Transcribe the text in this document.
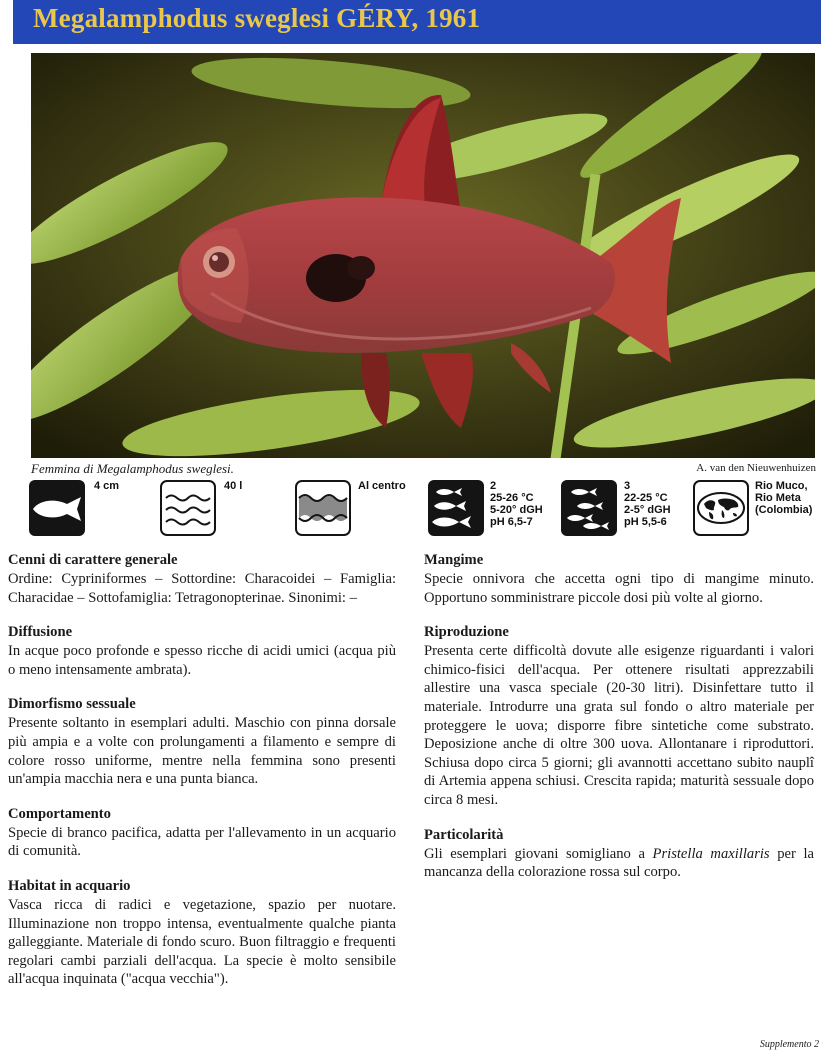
Megalamphodus sweglesi GÉRY, 1961
Femmina di Megalamphodus sweglesi.	A. van den Nieuwenhuizen
4 cm	40 l	Al centro	2
25-26 °C
5-20° dGH
pH 6,5-7
3
22-25 °C
2-5° dGH
pH 5,5-6
Rio Muco,
Rio Meta
(Colombia)
Cenni di carattere generale

Ordine: Cypriniformes – Sottordine: Characoidei – Famiglia: Characidae – Sottofamiglia: Tetragonopterinae. Sinonimi: –

Diffusione

In acque poco profonde e spesso ricche di acidi umici (acqua più o meno intensamente ambrata).

Dimorfismo sessuale

Presente soltanto in esemplari adulti. Maschio con pinna dorsale più ampia e a volte con prolungamenti a filamento e sempre di colore rosso uniforme, mentre nella femmina sono presenti un'ampia macchia nera e una punta bianca.

Comportamento

Specie di branco pacifica, adatta per l'allevamento in un acquario di comunità.

Habitat in acquario

Vasca ricca di radici e vegetazione, spazio per nuotare. Illuminazione non troppo intensa, eventualmente qualche pianta galleggiante. Materiale di fondo scuro. Buon filtraggio e frequenti regolari cambi parziali dell'acqua. La specie è molto sensibile all'acqua inquinata ("acqua vecchia").

Mangime

Specie onnivora che accetta ogni tipo di mangime minuto. Opportuno somministrare piccole dosi più volte al giorno.

Riproduzione

Presenta certe difficoltà dovute alle esigenze riguardanti i valori chimico-fisici dell'acqua. Per ottenere risultati apprezzabili allestire una vasca speciale (20-30 litri). Disinfettare tutto il materiale. Introdurre una grata sul fondo o altro materiale per proteggere le uova; disporre fibre sintetiche come substrato. Deposizione anche di oltre 300 uova. Allontanare i riproduttori. Schiusa dopo circa 5 giorni; gli avannotti accettano subito nauplî di Artemia appena schiusi. Crescita rapida; maturità sessuale dopo circa 8 mesi.

Particolarità

Gli esemplari giovani somigliano a Pristella maxillaris per la mancanza della colorazione rossa sul corpo.

Supplemento 2
